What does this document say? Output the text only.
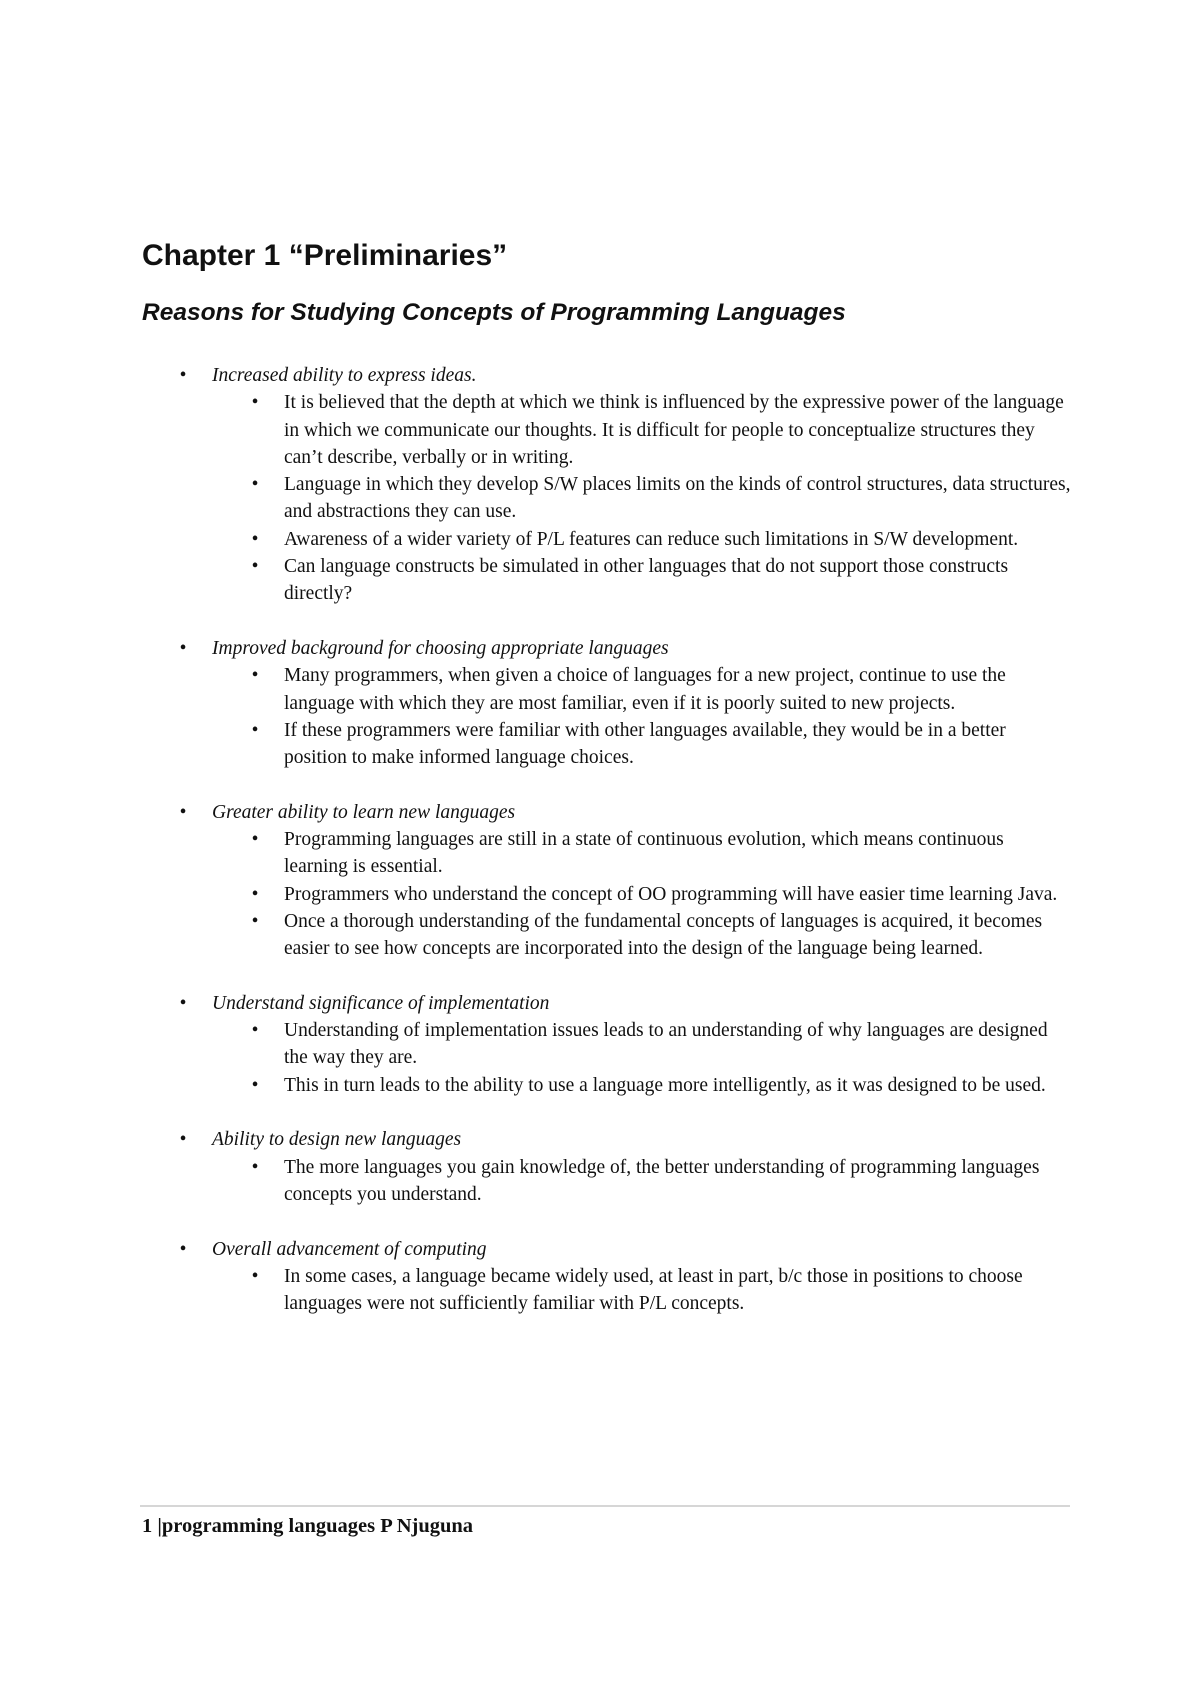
Chapter 1 “Preliminaries”
Reasons for Studying Concepts of Programming Languages
• Increased ability to express ideas.
• It is believed that the depth at which we think is influenced by the expressive power of the language in which we communicate our thoughts. It is difficult for people to conceptualize structures they can’t describe, verbally or in writing.
• Language in which they develop S/W places limits on the kinds of control structures, data structures, and abstractions they can use.
• Awareness of a wider variety of P/L features can reduce such limitations in S/W development.
• Can language constructs be simulated in other languages that do not support those constructs directly?
• Improved background for choosing appropriate languages
• Many programmers, when given a choice of languages for a new project, continue to use the language with which they are most familiar, even if it is poorly suited to new projects.
• If these programmers were familiar with other languages available, they would be in a better position to make informed language choices.
• Greater ability to learn new languages
• Programming languages are still in a state of continuous evolution, which means continuous learning is essential.
• Programmers who understand the concept of OO programming will have easier time learning Java.
• Once a thorough understanding of the fundamental concepts of languages is acquired, it becomes easier to see how concepts are incorporated into the design of the language being learned.
• Understand significance of implementation
• Understanding of implementation issues leads to an understanding of why languages are designed the way they are.
• This in turn leads to the ability to use a language more intelligently, as it was designed to be used.
• Ability to design new languages
• The more languages you gain knowledge of, the better understanding of programming languages concepts you understand.
• Overall advancement of computing
• In some cases, a language became widely used, at least in part, b/c those in positions to choose languages were not sufficiently familiar with P/L concepts.
1 |programming languages P Njuguna
